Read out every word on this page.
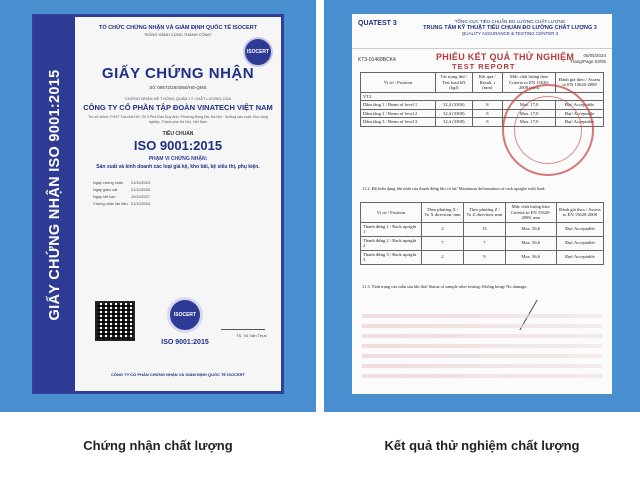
GIẤY CHỨNG NHẬN ISO 9001:2015
TỔ CHỨC CHỨNG NHẬN VÀ GIÁM ĐỊNH QUỐC TẾ ISOCERT
"ĐỒNG HÀNH CÙNG THÀNH CÔNG"
ISOCERT
GIẤY CHỨNG NHẬN
Số: 09572/29/4060/HS-QMS
CHỨNG NHẬN HỆ THỐNG QUẢN LÝ CHẤT LƯỢNG CỦA
CÔNG TY CỔ PHẦN TẬP ĐOÀN VINATECH VIỆT NAM
Trụ sở chính: P.907 Tòa nhà HH, Số 3 Phố Đào Duy Anh, Phường Đống Đa, Hà Nội · Xưởng sản xuất: Khu công nghiệp, Thành phố Hà Nội, Việt Nam
TIÊU CHUẨN
ISO 9001:2015
PHẠM VI CHỨNG NHẬN:
Sản xuất và kinh doanh các loại giá kệ, kho bãi, kệ siêu thị, phụ kiện.
Ngày chứng nhận	21/10/2024
Ngày giám sát	21/10/2025
Ngày hết hạn	20/10/2027
Chứng nhận lần đầu 21/10/2024
ISOCERT
ISO 9001:2015
TS. Vũ Văn Thực
CÔNG TY CỔ PHẦN CHỨNG NHẬN VÀ GIÁM ĐỊNH QUỐC TẾ ISOCERT
QUATEST 3	TỔNG CỤC TIÊU CHUẨN ĐO LƯỜNG CHẤT LƯỢNG
TRUNG TÂM KỸ THUẬT TIÊU CHUẨN ĐO LƯỜNG CHẤT LƯỢNG 3
QUALITY ASSURANCE & TESTING CENTER 3
KT3-01468BCK4	PHIẾU KẾT QUẢ THỬ NGHIỆM
TEST REPORT
05/05/2024
Trang/Page 03/05
Vị trí / Position	Tải trọng thử / Test load kN (kgf)	Kết quả / Result, t (mm)	Mức chất lượng theo Criteria to EN 15620-2008 (mm)	Đánh giá theo / Assess to EN 15620-2008
VT2				
Dầm tầng 1 / Beam of level 1	32,4 (3300)	8	Max. 17,0	Đạt/ Acceptable
Dầm tầng 2 / Beam of level 2	32,4 (3300)	8	Max. 17,0	Đạt/ Acceptable
Dầm tầng 3 / Beam of level 3	32,4 (3300)	8	Max. 17,0	Đạt/ Acceptable
11.2. Độ biến dạng lớn nhất của thanh đứng khi có tải/ Maximum deformation of rack upright with load:
Vị trí / Position	Theo phương X / To X direction, mm	Theo phương Z / To Z direction, mm	Mức chất lượng theo Criteria to EN 15620-2008, mm	Đánh giá theo / Assess to EN 15620-2008
Thanh đứng 1 / Rack upright 1	2	15	Max. 56,6	Đạt/ Acceptable
Thanh đứng 2 / Rack upright 2	7	7	Max. 56,6	Đạt/ Acceptable
Thanh đứng 3 / Rack upright 3	2	9	Max. 56,6	Đạt/ Acceptable
11.3. Tình trạng của mẫu sau khi thử/ Status of sample after testing: Không hỏng/ No damage.
Chứng nhận chất lượng	Kết quả thử nghiệm chất lượng
